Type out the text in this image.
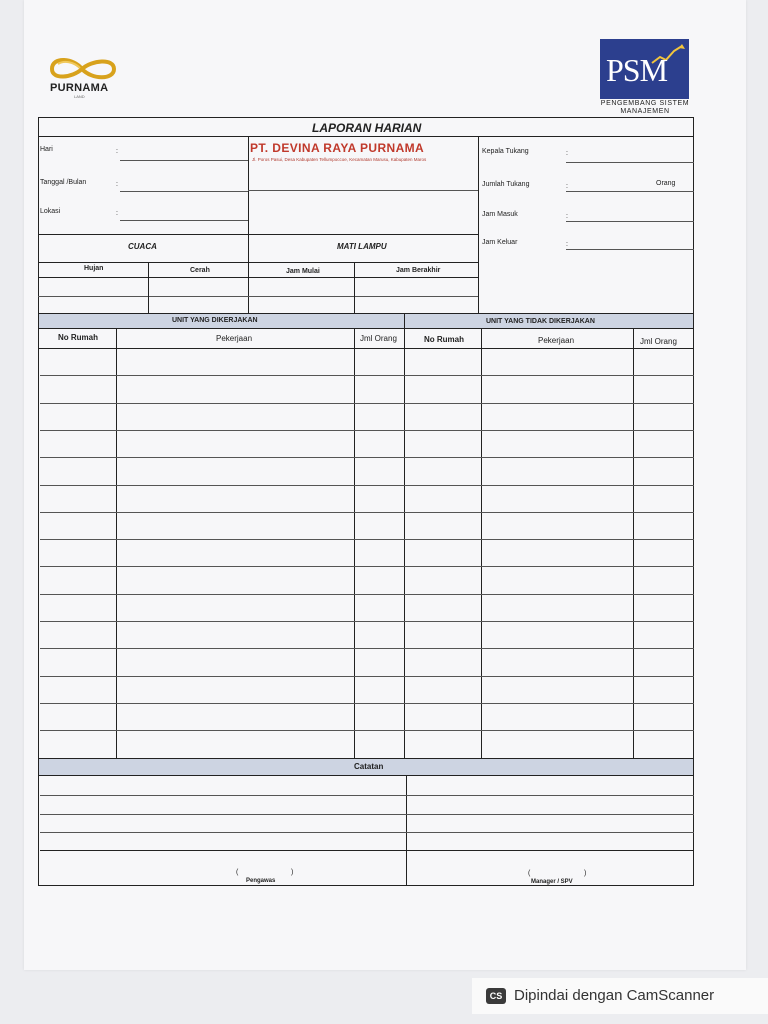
PURNAMA
LAND
PSM
PENGEMBANG SISTEM
MANAJEMEN
LAPORAN HARIAN
Hari	:
Tanggal /Bulan	:
Lokasi	:
PT. DEVINA RAYA PURNAMA
Jl. Poros Pasui, Desa Kabupaten Tellumpoccoe, Kecamatan Marusu, Kabupaten Maros
CUACA	MATI LAMPU
Hujan	Cerah	Jam Mulai	Jam Berakhir
Kepala Tukang	:
Jumlah Tukang	:	Orang
Jam Masuk	:
Jam Keluar	:
UNIT YANG DIKERJAKAN	UNIT YANG TIDAK DIKERJAKAN
No Rumah	Pekerjaan	Jml Orang	No Rumah	Pekerjaan	Jml Orang
Catatan
(	)
Pengawas
(	)
Manager / SPV
CS Dipindai dengan CamScanner
